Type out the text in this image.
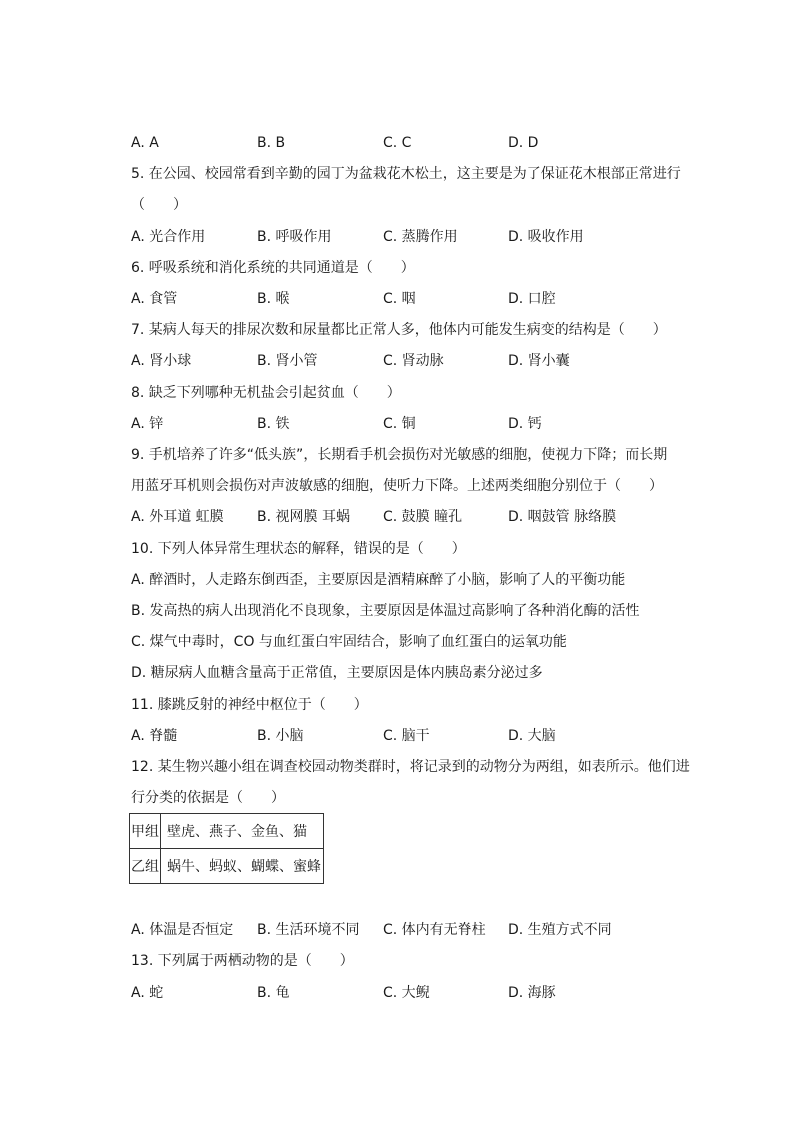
A. A	B. B	C. C	D. D
5. 在公园、校园常看到辛勤的园丁为盆栽花木松土，这主要是为了保证花木根部正常进行
（　　）
A. 光合作用	B. 呼吸作用	C. 蒸腾作用	D. 吸收作用
6. 呼吸系统和消化系统的共同通道是（　　）
A. 食管	B. 喉	C. 咽	D. 口腔
7. 某病人每天的排尿次数和尿量都比正常人多，他体内可能发生病变的结构是（　　）
A. 肾小球	B. 肾小管	C. 肾动脉	D. 肾小囊
8. 缺乏下列哪种无机盐会引起贫血（　　）
A. 锌	B. 铁	C. 铜	D. 钙
9. 手机培养了许多“低头族”，长期看手机会损伤对光敏感的细胞，使视力下降；而长期
用蓝牙耳机则会损伤对声波敏感的细胞，使听力下降。上述两类细胞分别位于（　　）
A. 外耳道 虹膜 B. 视网膜 耳蜗 C. 鼓膜 瞳孔	D. 咽鼓管 脉络膜
10. 下列人体异常生理状态的解释，错误的是（　　）
A. 醉酒时，人走路东倒西歪，主要原因是酒精麻醉了小脑，影响了人的平衡功能
B. 发高热的病人出现消化不良现象，主要原因是体温过高影响了各种消化酶的活性
C. 煤气中毒时，CO 与血红蛋白牢固结合，影响了血红蛋白的运氧功能
D. 糖尿病人血糖含量高于正常值，主要原因是体内胰岛素分泌过多
11. 膝跳反射的神经中枢位于（　　）
A. 脊髓	B. 小脑	C. 脑干	D. 大脑
12. 某生物兴趣小组在调查校园动物类群时，将记录到的动物分为两组，如表所示。他们进
行分类的依据是（　　）
甲组	壁虎、燕子、金鱼、猫
乙组	蜗牛、蚂蚁、蝴蝶、蜜蜂
A. 体温是否恒定 B. 生活环境不同 C. 体内有无脊柱 D. 生殖方式不同
13. 下列属于两栖动物的是（　　）
A. 蛇	B. 龟	C. 大鲵	D. 海豚
